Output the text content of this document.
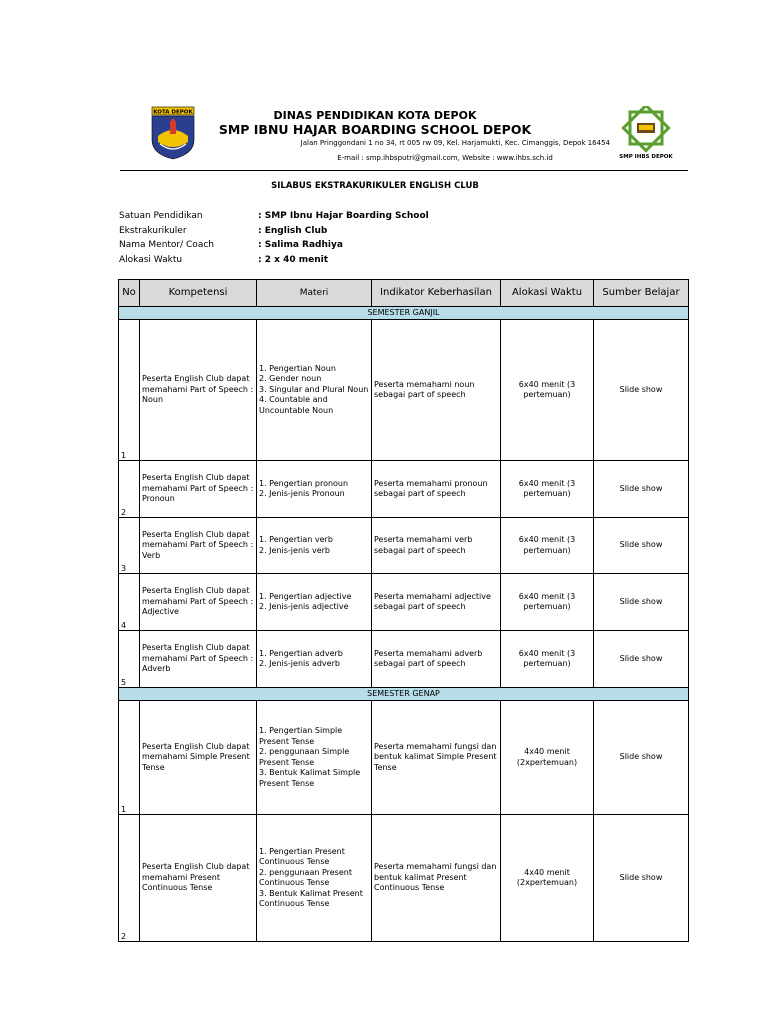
KOTA DEPOK
SMP IHBS DEPOK
DINAS PENDIDIKAN KOTA DEPOK
SMP IBNU HAJAR BOARDING SCHOOL DEPOK
Jalan Pringgondani 1 no 34, rt 005 rw 09, Kel. Harjamukti, Kec. Cimanggis, Depok 16454
E-mail : smp.ihbsputri@gmail.com, Website : www.ihbs.sch.id
SILABUS EKSTRAKURIKULER ENGLISH CLUB
Satuan Pendidikan	: SMP Ibnu Hajar Boarding School
Ekstrakurikuler	: English Club
Nama Mentor/ Coach	: Salima Radhiya
Alokasi Waktu	: 2 x 40 menit
No	Kompetensi	Materi	Indikator Keberhasilan	Alokasi Waktu	Sumber Belajar
SEMESTER GANJIL					
1	Peserta English Club dapat memahami Part of Speech : Noun	1. Pengertian Noun
2. Gender noun
3. Singular and Plural Noun
4. Countable and Uncountable Noun	Peserta memahami noun sebagai part of speech	6x40 menit (3 pertemuan)	Slide show
2	Peserta English Club dapat memahami Part of Speech : Pronoun	1. Pengertian pronoun
2. Jenis-jenis Pronoun	Peserta memahami pronoun sebagai part of speech	6x40 menit (3 pertemuan)	Slide show
3	Peserta English Club dapat memahami Part of Speech : Verb	1. Pengertian verb
2. Jenis-jenis verb	Peserta memahami verb sebagai part of speech	6x40 menit (3 pertemuan)	Slide show
4	Peserta English Club dapat memahami Part of Speech : Adjective	1. Pengertian adjective
2. Jenis-jenis adjective	Peserta memahami adjective sebagai part of speech	6x40 menit (3 pertemuan)	Slide show
5	Peserta English Club dapat memahami Part of Speech : Adverb	1. Pengertian adverb
2. Jenis-jenis adverb	Peserta memahami adverb sebagai part of speech	6x40 menit (3 pertemuan)	Slide show
SEMESTER GENAP					
1	Peserta English Club dapat memahami Simple Present Tense	1. Pengertian Simple Present Tense
2. penggunaan Simple Present Tense
3. Bentuk Kalimat Simple Present Tense	Peserta memahami fungsi dan bentuk kalimat Simple Present Tense	4x40 menit (2xpertemuan)	Slide show
2	Peserta English Club dapat memahami Present Continuous Tense	1. Pengertian Present Continuous Tense
2. penggunaan Present Continuous Tense
3. Bentuk Kalimat Present Continuous Tense	Peserta memahami fungsi dan bentuk kalimat Present Continuous Tense	4x40 menit (2xpertemuan)	Slide show
